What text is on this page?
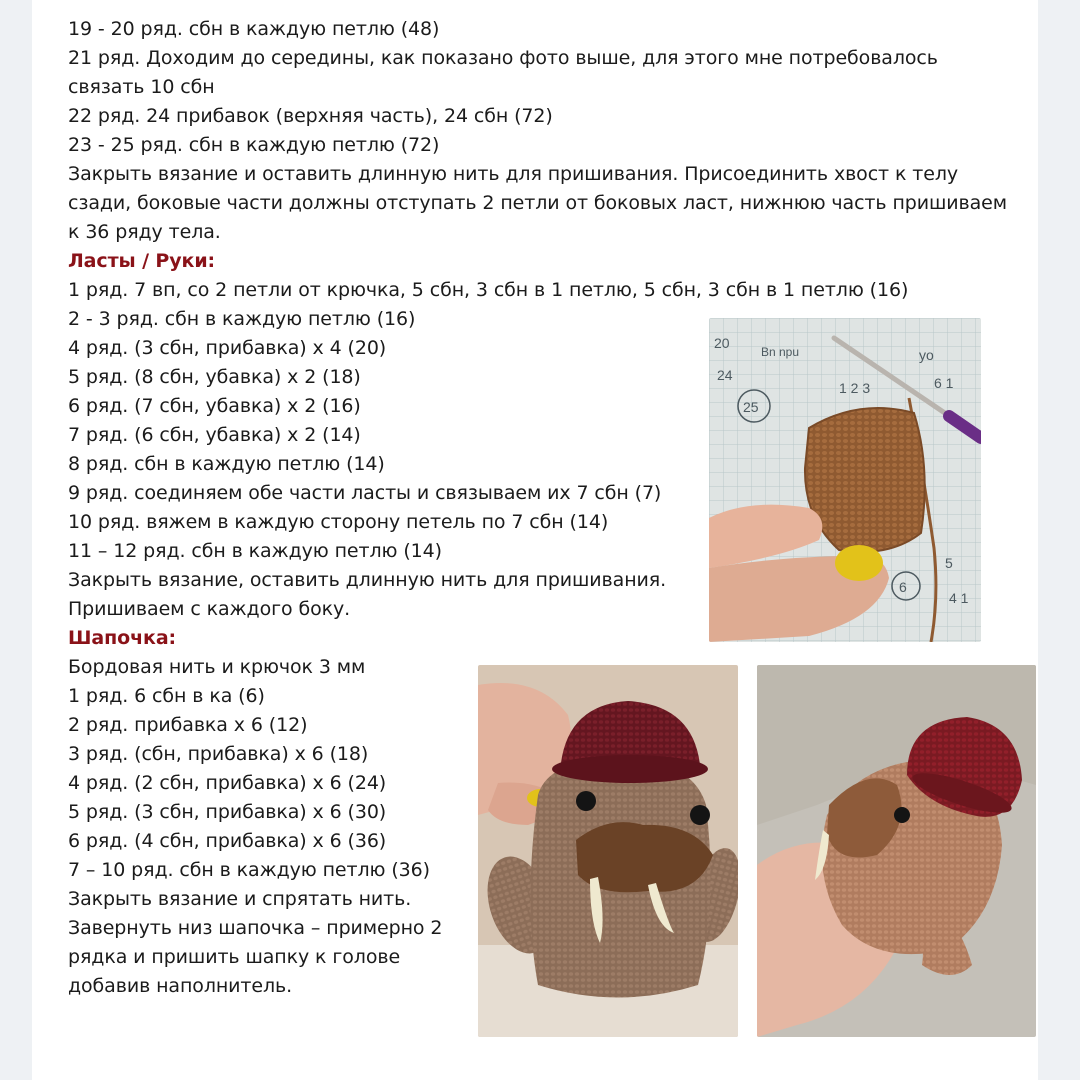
19 - 20 ряд. сбн в каждую петлю (48)
21 ряд. Доходим до середины, как показано фото выше, для этого мне потребовалось
связать 10 сбн
22 ряд. 24 прибавок (верхняя часть), 24 сбн (72)
23 - 25 ряд. сбн в каждую петлю (72)
Закрыть вязание и оставить длинную нить для пришивания. Присоединить хвост к телу
сзади, боковые части должны отступать 2 петли от боковых ласт, нижнюю часть пришиваем
к 36 ряду тела.
Ласты / Руки:
1 ряд. 7 вп, со 2 петли от крючка, 5 сбн, 3 сбн в 1 петлю, 5 сбн, 3 сбн в 1 петлю (16)
2 - 3 ряд. сбн в каждую петлю (16)
4 ряд. (3 сбн, прибавка) х 4 (20)
5 ряд. (8 сбн, убавка) х 2 (18)
6 ряд. (7 сбн, убавка) х 2 (16)
7 ряд. (6 сбн, убавка) х 2 (14)
8 ряд. сбн в каждую петлю (14)
9 ряд. соединяем обе части ласты и связываем их 7 сбн (7)
10 ряд. вяжем в каждую сторону петель по 7 сбн (14)
11 – 12 ряд. сбн в каждую петлю (14)
Закрыть вязание, оставить длинную нить для пришивания.
Пришиваем с каждого боку.
Шапочка:
Бордовая нить и крючок 3 мм
1 ряд. 6 сбн в ка (6)
2 ряд. прибавка х 6 (12)
3 ряд. (сбн, прибавка) х 6 (18)
4 ряд. (2 сбн, прибавка) х 6 (24)
5 ряд. (3 сбн, прибавка) х 6 (30)
6 ряд. (4 сбн, прибавка) х 6 (36)
7 – 10 ряд. сбн в каждую петлю (36)
Закрыть вязание и спрятать нить.
Завернуть низ шапочка – примерно 2
рядка и пришить шапку к голове
добавив наполнитель.
25
6
20
24
Bn npu
1 2 3
yo
6 1
5
4 1
